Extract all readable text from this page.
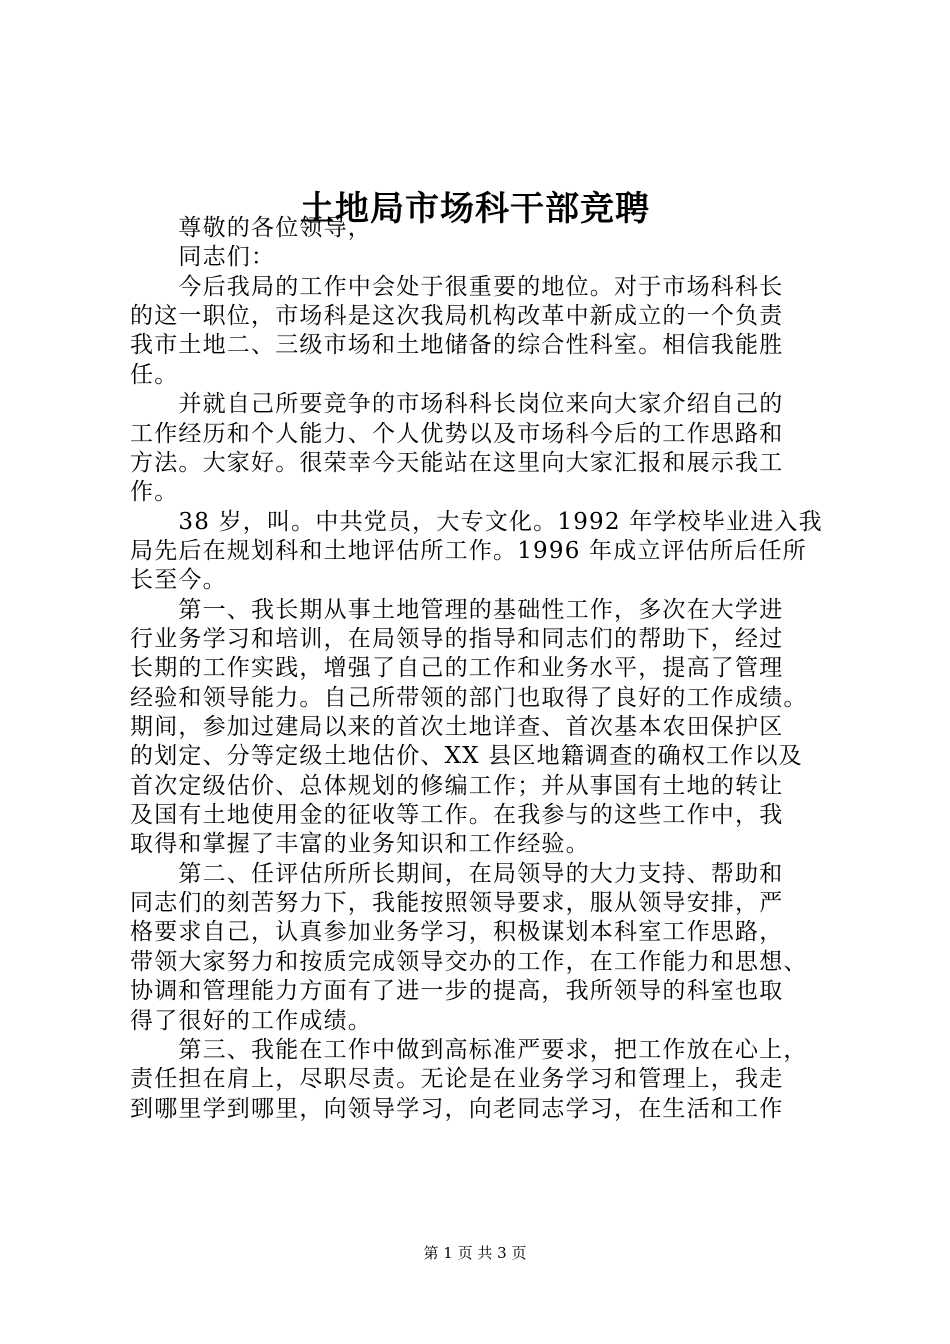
土地局市场科干部竞聘

　　尊敬的各位领导，

　　同志们：

　　今后我局的工作中会处于很重要的地位。对于市场科科长

的这一职位，市场科是这次我局机构改革中新成立的一个负责

我市土地二、三级市场和土地储备的综合性科室。相信我能胜

任。

　　并就自己所要竞争的市场科科长岗位来向大家介绍自己的

工作经历和个人能力、个人优势以及市场科今后的工作思路和

方法。大家好。很荣幸今天能站在这里向大家汇报和展示我工

作。

　　38 岁，叫。中共党员，大专文化。1992 年学校毕业进入我

局先后在规划科和土地评估所工作。1996 年成立评估所后任所

长至今。

　　第一、我长期从事土地管理的基础性工作，多次在大学进

行业务学习和培训，在局领导的指导和同志们的帮助下，经过

长期的工作实践，增强了自己的工作和业务水平，提高了管理

经验和领导能力。自己所带领的部门也取得了良好的工作成绩。

期间，参加过建局以来的首次土地详查、首次基本农田保护区

的划定、分等定级土地估价、XX 县区地籍调查的确权工作以及

首次定级估价、总体规划的修编工作；并从事国有土地的转让

及国有土地使用金的征收等工作。在我参与的这些工作中，我

取得和掌握了丰富的业务知识和工作经验。

　　第二、任评估所所长期间，在局领导的大力支持、帮助和

同志们的刻苦努力下，我能按照领导要求，服从领导安排，严

格要求自己，认真参加业务学习，积极谋划本科室工作思路，

带领大家努力和按质完成领导交办的工作，在工作能力和思想、

协调和管理能力方面有了进一步的提高，我所领导的科室也取

得了很好的工作成绩。

　　第三、我能在工作中做到高标准严要求，把工作放在心上，

责任担在肩上，尽职尽责。无论是在业务学习和管理上，我走

到哪里学到哪里，向领导学习，向老同志学习，在生活和工作

第 1 页 共 3 页
